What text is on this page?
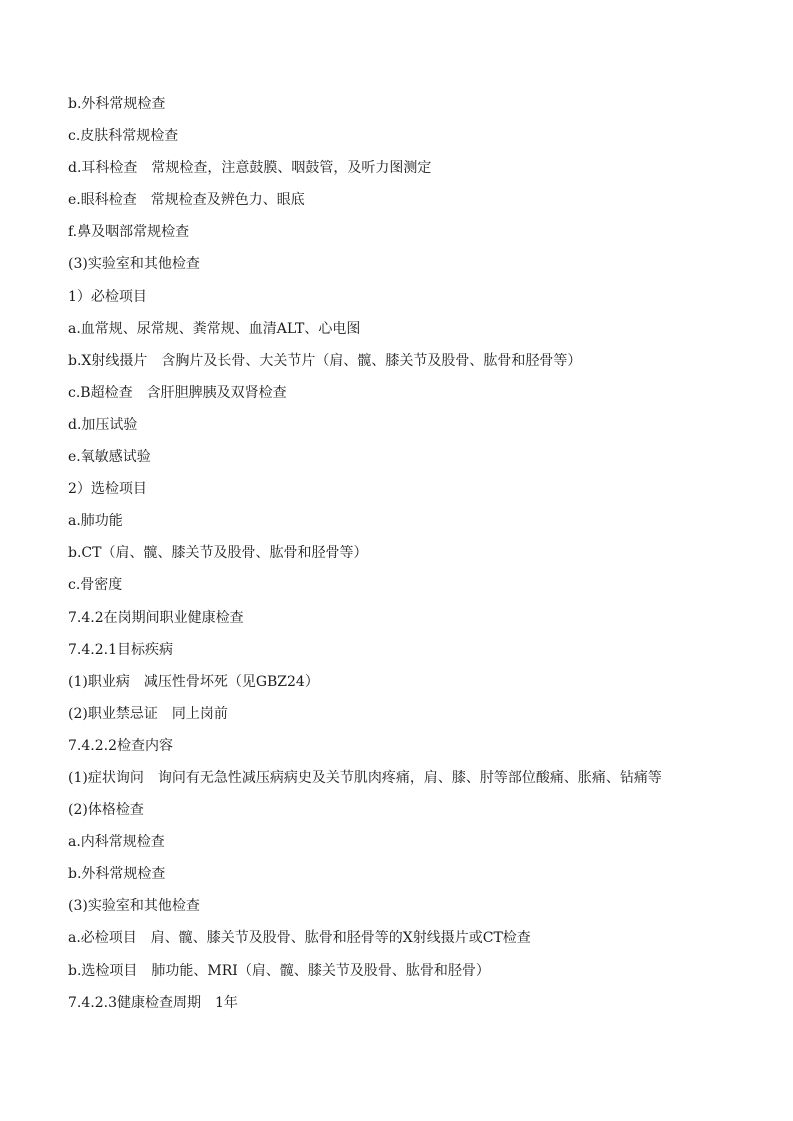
b.外科常规检查
c.皮肤科常规检查
d.耳科检查　常规检查，注意鼓膜、咽鼓管，及听力图测定
e.眼科检查　常规检查及辨色力、眼底
f.鼻及咽部常规检查
(3)实验室和其他检查
1）必检项目
a.血常规、尿常规、粪常规、血清ALT、心电图
b.X射线摄片　含胸片及长骨、大关节片（肩、髋、膝关节及股骨、肱骨和胫骨等）
c.B超检查　含肝胆脾胰及双肾检查
d.加压试验
e.氧敏感试验
2）选检项目
a.肺功能
b.CT（肩、髋、膝关节及股骨、肱骨和胫骨等）
c.骨密度
7.4.2在岗期间职业健康检查
7.4.2.1目标疾病
(1)职业病　减压性骨坏死（见GBZ24）
(2)职业禁忌证　同上岗前
7.4.2.2检查内容
(1)症状询问　询问有无急性减压病病史及关节肌肉疼痛，肩、膝、肘等部位酸痛、胀痛、钻痛等
(2)体格检查
a.内科常规检查
b.外科常规检查
(3)实验室和其他检查
a.必检项目　肩、髋、膝关节及股骨、肱骨和胫骨等的X射线摄片或CT检查
b.选检项目　肺功能、MRI（肩、髋、膝关节及股骨、肱骨和胫骨）
7.4.2.3健康检查周期　1年
